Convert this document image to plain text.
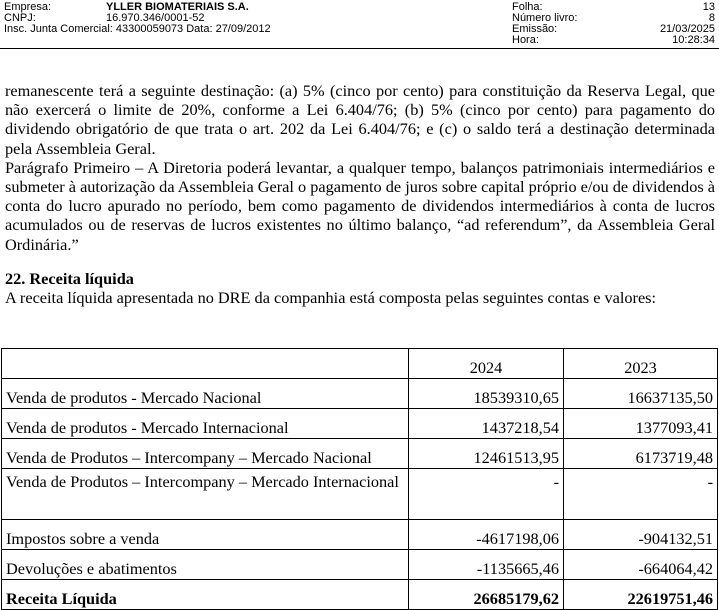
Empresa:	YLLER BIOMATERIAIS S.A.
CNPJ:	16.970.346/0001-52
Insc. Junta Comercial: 43300059073 Data: 27/09/2012
Folha:	13
Número livro:	8
Emissão:	21/03/2025
Hora:	10:28:34

remanescente terá a seguinte destinação: (a) 5% (cinco por cento) para constituição da Reserva Legal, que não exercerá o limite de 20%, conforme a Lei 6.404/76; (b) 5% (cinco por cento) para pagamento do dividendo obrigatório de que trata o art. 202 da Lei 6.404/76; e (c) o saldo terá a destinação determinada pela Assembleia Geral.

Parágrafo Primeiro – A Diretoria poderá levantar, a qualquer tempo, balanços patrimoniais intermediários e submeter à autorização da Assembleia Geral o pagamento de juros sobre capital próprio e/ou de dividendos à conta do lucro apurado no período, bem como pagamento de dividendos intermediários à conta de lucros acumulados ou de reservas de lucros existentes no último balanço, “ad referendum”, da Assembleia Geral Ordinária.”

22. Receita líquida

A receita líquida apresentada no DRE da companhia está composta pelas seguintes contas e valores:

	2024	2023
Venda de produtos - Mercado Nacional	18539310,65	16637135,50
Venda de produtos - Mercado Internacional	1437218,54	1377093,41
Venda de Produtos – Intercompany – Mercado Nacional	12461513,95	6173719,48
Venda de Produtos – Intercompany – Mercado Internacional	-	-
Impostos sobre a venda	-4617198,06	-904132,51
Devoluções e abatimentos	-1135665,46	-664064,42
Receita Líquida	26685179,62	22619751,46
